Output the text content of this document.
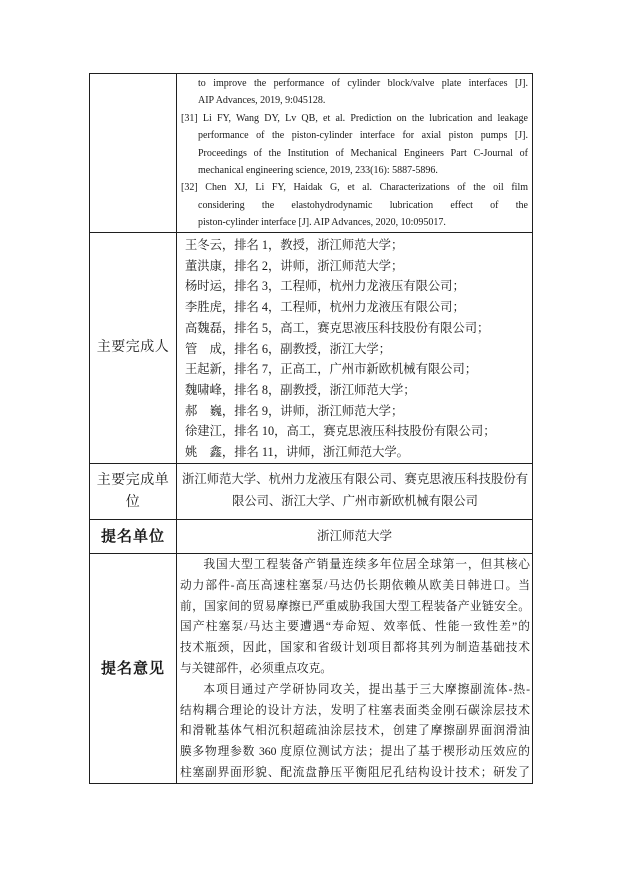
to improve the performance of cylinder block/valve plate interfaces [J].
AIP Advances, 2019, 9:045128.
[31] Li FY, Wang DY, Lv QB, et al. Prediction on the lubrication and leakage
performance of the piston-cylinder interface for axial piston pumps [J].
Proceedings of the Institution of Mechanical Engineers Part C-Journal of
mechanical engineering science, 2019, 233(16): 5887-5896.
[32] Chen XJ, Li FY, Haidak G, et al. Characterizations of the oil film
considering the elastohydrodynamic lubrication effect of the
piston-cylinder interface [J]. AIP Advances, 2020, 10:095017.
主要完成人
王冬云，排名 1，教授，浙江师范大学；
董洪康，排名 2，讲师，浙江师范大学；
杨时运，排名 3，工程师，杭州力龙液压有限公司；
李胜虎，排名 4，工程师，杭州力龙液压有限公司；
高魏磊，排名 5，高工，赛克思液压科技股份有限公司；
管　成，排名 6，副教授，浙江大学；
王起新，排名 7，正高工，广州市新欧机械有限公司；
魏啸峰，排名 8，副教授，浙江师范大学；
郝　巍，排名 9，讲师，浙江师范大学；
徐建江，排名 10，高工，赛克思液压科技股份有限公司；
姚　鑫，排名 11，讲师，浙江师范大学。
主要完成单位
浙江师范大学、杭州力龙液压有限公司、赛克思液压科技股份有
限公司、浙江大学、广州市新欧机械有限公司
提名单位	浙江师范大学
提名意见
我国大型工程装备产销量连续多年位居全球第一，但其核心
动力部件-高压高速柱塞泵/马达仍长期依赖从欧美日韩进口。当
前，国家间的贸易摩擦已严重威胁我国大型工程装备产业链安全。
国产柱塞泵/马达主要遭遇“寿命短、效率低、性能一致性差”的
技术瓶颈，因此，国家和省级计划项目都将其列为制造基础技术
与关键部件，必须重点攻克。
本项目通过产学研协同攻关，提出基于三大摩擦副流体-热-
结构耦合理论的设计方法，发明了柱塞表面类金刚石碳涂层技术
和滑靴基体气相沉积超疏油涂层技术，创建了摩擦副界面润滑油
膜多物理参数 360 度原位测试方法；提出了基于楔形动压效应的
柱塞副界面形貌、配流盘静压平衡阻尼孔结构设计技术；研发了
